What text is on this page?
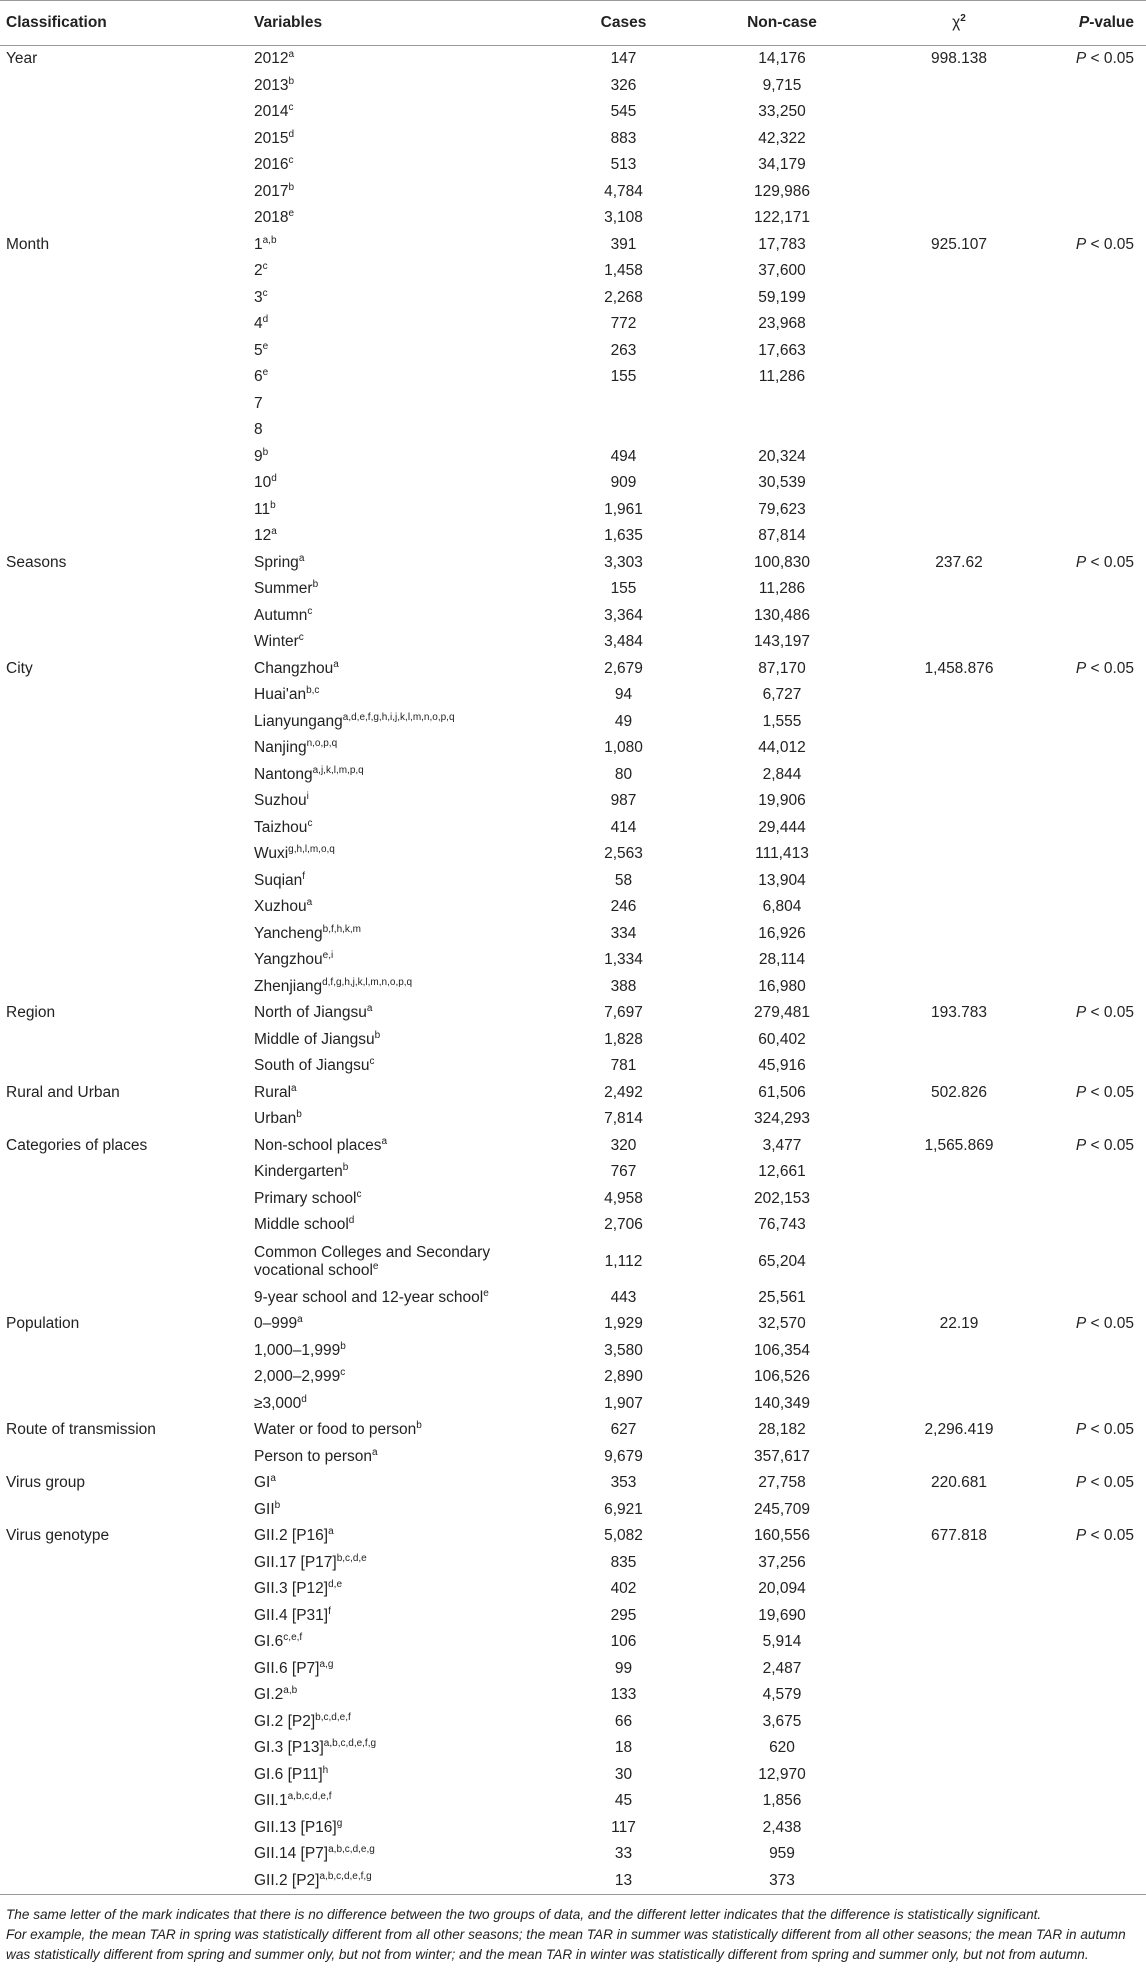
Classification	Variables	Cases	Non-case	$\chi^2$	P-value
Year	2012$^a$	147	14,176	998.138	P < 0.05
	2013$^b$	326	9,715		
	2014$^c$	545	33,250		
	2015$^d$	883	42,322		
	2016$^c$	513	34,179		
	2017$^b$	4,784	129,986		
	2018e	3,108	122,171		
Month	1$^{a,b}$	391	17,783	925.107	P < 0.05
	2$^c$	1,458	37,600		
	3$^c$	2,268	59,199		
	4$^d$	772	23,968		
	5e	263	17,663		
	6e	155	11,286		
	7				
	8				
	9$^b$	494	20,324		
	10$^d$	909	30,539		
	11$^b$	1,961	79,623		
	12$^a$	1,635	87,814		
Seasons	Spring$^a$	3,303	100,830	237.62	P < 0.05
	Summer$^b$	155	11,286		
	Autumn$^c$	3,364	130,486		
	Winter$^c$	3,484	143,197		
City	Changzhou$^a$	2,679	87,170	1,458.876	P < 0.05
	Huai'an$^{b,c}$	94	6,727		
	Lianyungang$^{a,d,e,f,g,h,i,j,k,l,m,n,o,p,q}$	49	1,555		
	Nanjing$^{n,o,p,q}$	1,080	44,012		
	Nantong$^{a,j,k,l,m,p,q}$	80	2,844		
	Suzhou$^i$	987	19,906		
	Taizhou$^c$	414	29,444		
	Wuxi$^{g,h,l,m,o,q}$	2,563	111,413		
	Suqian$^f$	58	13,904		
	Xuzhou$^a$	246	6,804		
	Yancheng$^{b,f,h,k,m}$	334	16,926		
	Yangzhou$^{e,i}$	1,334	28,114		
	Zhenjiang$^{d,f,g,h,j,k,l,m,n,o,p,q}$	388	16,980		
Region	North of Jiangsu$^a$	7,697	279,481	193.783	P < 0.05
	Middle of Jiangsu$^b$	1,828	60,402		
	South of Jiangsu$^c$	781	45,916		
Rural and Urban	Rural$^a$	2,492	61,506	502.826	P < 0.05
	Urban$^b$	7,814	324,293		
Categories of places	Non-school places$^a$	320	3,477	1,565.869	P < 0.05
	Kindergarten$^b$	767	12,661		
	Primary school$^c$	4,958	202,153		
	Middle school$^d$	2,706	76,743		
	Common Colleges and Secondary vocational school$^e$	1,112	65,204		
	9-year school and 12-year school$^e$	443	25,561		
Population	0–999$^a$	1,929	32,570	22.19	P < 0.05
	1,000–1,999$^b$	3,580	106,354		
	2,000–2,999$^c$	2,890	106,526		
	≥3,000$^d$	1,907	140,349		
Route of transmission	Water or food to person$^b$	627	28,182	2,296.419	P < 0.05
	Person to person$^a$	9,679	357,617		
Virus group	$GI^a$	353	27,758	220.681	P < 0.05
	GII$^b$	6,921	245,709		
Virus genotype	GII.2 $[P16]^a$	5,082	160,556	677.818	P < 0.05
	GII.17 $[P17]^{b,c,d,e}$	835	37,256		
	GII.3 $[P12]^{d,e}$	402	20,094		
	GII.4 $[P31]^f$	295	19,690		
	GI.6$^{c,e,f}$	106	5,914		
	GII.6 $[P7]^{a,g}$	99	2,487		
	GI.2$^{a,b}$	133	4,579		
	GI.2 $[P2]^{b,c,d,e,f}$	66	3,675		
	GI.3 $[P13]^{a,b,c,d,e,f,g}$	18	620		
	GI.6 $[P11]^h$	30	12,970		
	GII.1$^{a,b,c,d,e,f}$	45	1,856		
	GII.13 $[P16]^g$	117	2,438		
	GII.14 $[P7]^{a,b,c,d,e,g}$	33	959		
	GII.2 $[P2]^{a,b,c,d,e,f,g}$	13	373		
The same letter of the mark indicates that there is no difference between the two groups of data, and the different letter indicates that the difference is statistically significant.
For example, the mean TAR in spring was statistically different from all other seasons; the mean TAR in summer was statistically different from all other seasons; the mean TAR in autumn was statistically different from spring and summer only, but not from winter; and the mean TAR in winter was statistically different from spring and summer only, but not from autumn.
